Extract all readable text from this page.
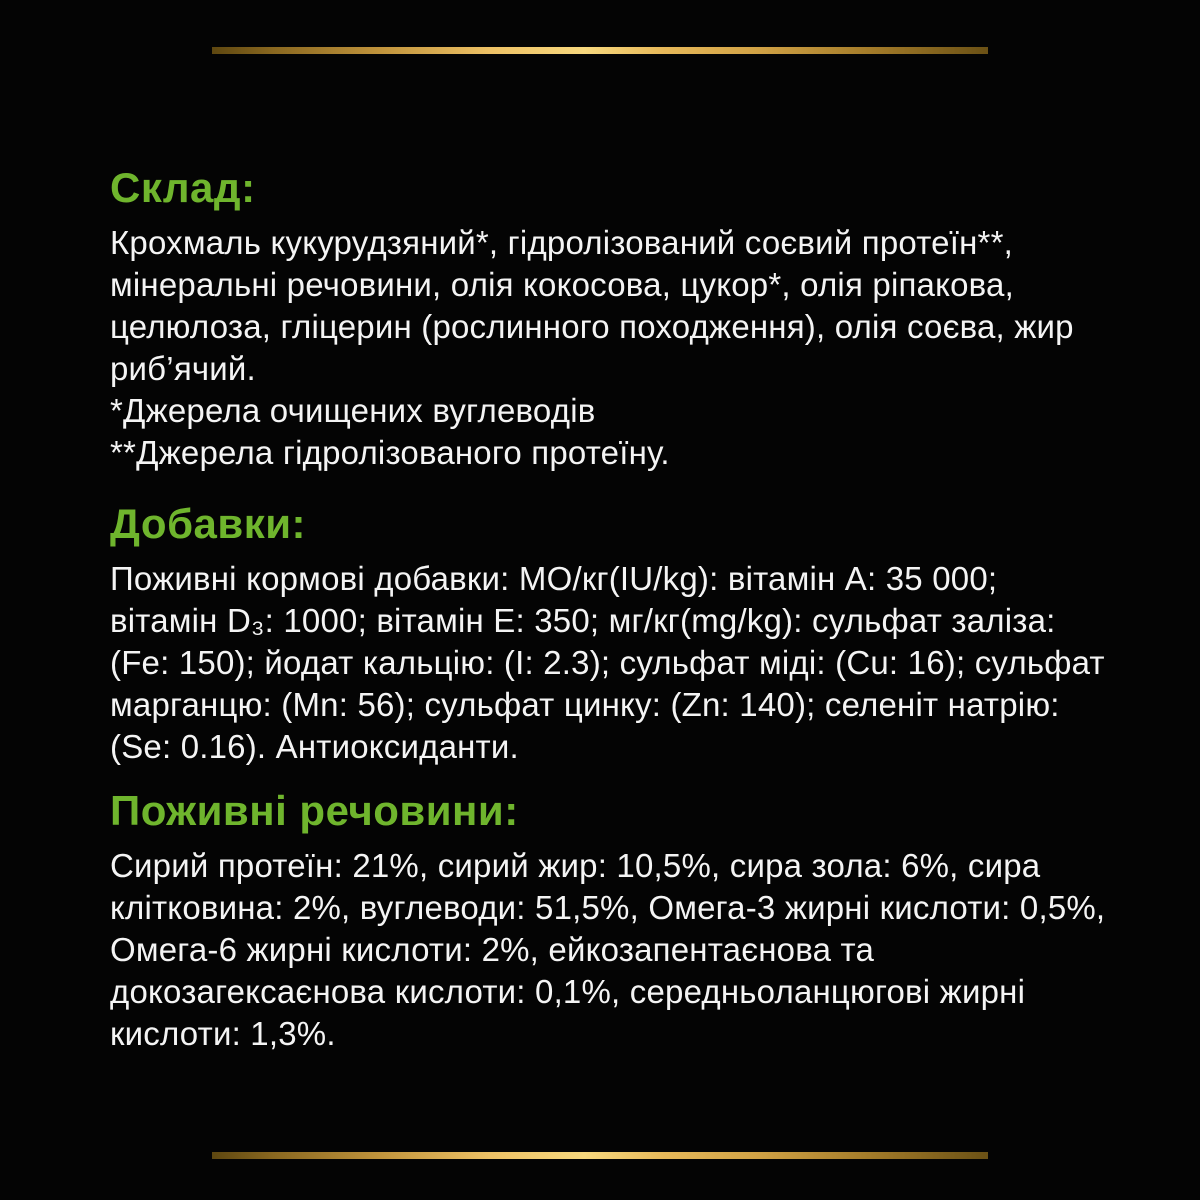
Склад:
Крохмаль кукурудзяний*, гідролізований соєвий протеїн**,
мінеральні речовини, олія кокосова, цукор*, олія ріпакова,
целюлоза, гліцерин (рослинного походження), олія соєва, жир
риб’ячий.
*Джерела очищених вуглеводів
**Джерела гідролізованого протеїну.
Добавки:
Поживні кормові добавки: МО/кг(IU/kg): вітамін A: 35 000;
вітамін D₃: 1000; вітамін E: 350; мг/кг(mg/kg): сульфат заліза:
(Fe: 150); йодат кальцію: (I: 2.3); сульфат міді: (Cu: 16); сульфат
марганцю: (Mn: 56); сульфат цинку: (Zn: 140); селеніт натрію:
(Se: 0.16). Антиоксиданти.
Поживні речовини:
Сирий протеїн: 21%, сирий жир: 10,5%, сира зола: 6%, сира
клітковина: 2%, вуглеводи: 51,5%, Омега-3 жирні кислоти: 0,5%,
Омега-6 жирні кислоти: 2%, ейкозапентаєнова та
докозагексаєнова кислоти: 0,1%, середньоланцюгові жирні
кислоти: 1,3%.
